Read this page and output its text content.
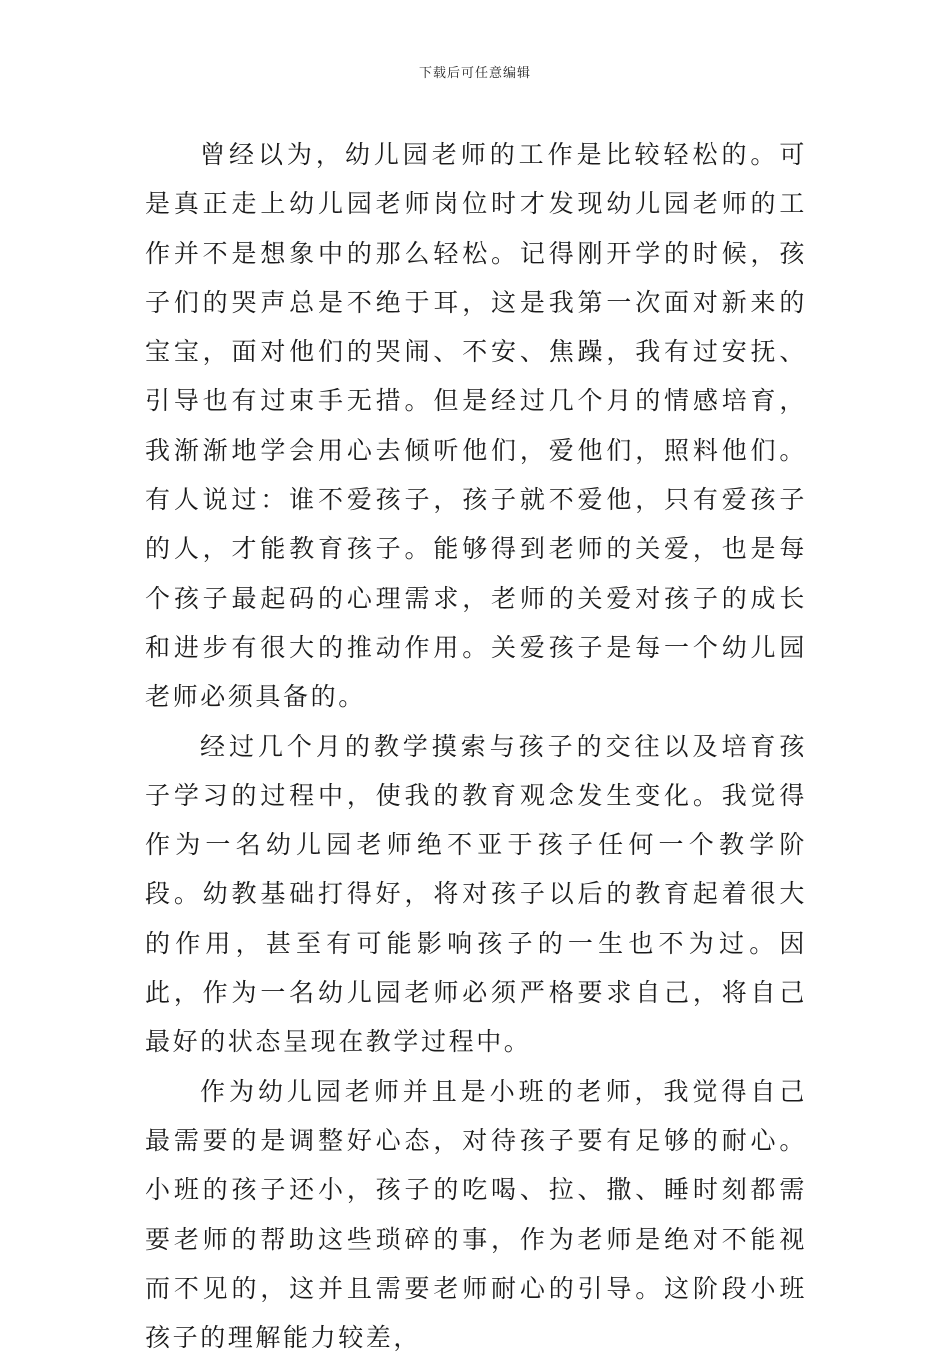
下载后可任意编辑

曾经以为，幼儿园老师的工作是比较轻松的。可是真正走上幼儿园老师岗位时才发现幼儿园老师的工作并不是想象中的那么轻松。记得刚开学的时候，孩子们的哭声总是不绝于耳，这是我第一次面对新来的宝宝，面对他们的哭闹、不安、焦躁，我有过安抚、引导也有过束手无措。但是经过几个月的情感培育，我渐渐地学会用心去倾听他们，爱他们，照料他们。 有人说过：谁不爱孩子，孩子就不爱他，只有爱孩子的人，才能教育孩子。能够得到老师的关爱，也是每个孩子最起码的心理需求，老师的关爱对孩子的成长和进步有很大的推动作用。关爱孩子是每一个幼儿园老师必须具备的。

经过几个月的教学摸索与孩子的交往以及培育孩子学习的过程中，使我的教育观念发生变化。我觉得作为一名幼儿园老师绝不亚于孩子任何一个教学阶段。幼教基础打得好，将对孩子以后的教育起着很大的作用，甚至有可能影响孩子的一生也不为过。因此，作为一名幼儿园老师必须严格要求自己，将自己最好的状态呈现在教学过程中。

作为幼儿园老师并且是小班的老师，我觉得自己最需要的是调整好心态，对待孩子要有足够的耐心。小班的孩子还小，孩子的吃喝、拉、撒、睡时刻都需要老师的帮助这些琐碎的事，作为老师是绝对不能视而不见的，这并且需要老师耐心的引导。这阶段小班孩子的理解能力较差，
